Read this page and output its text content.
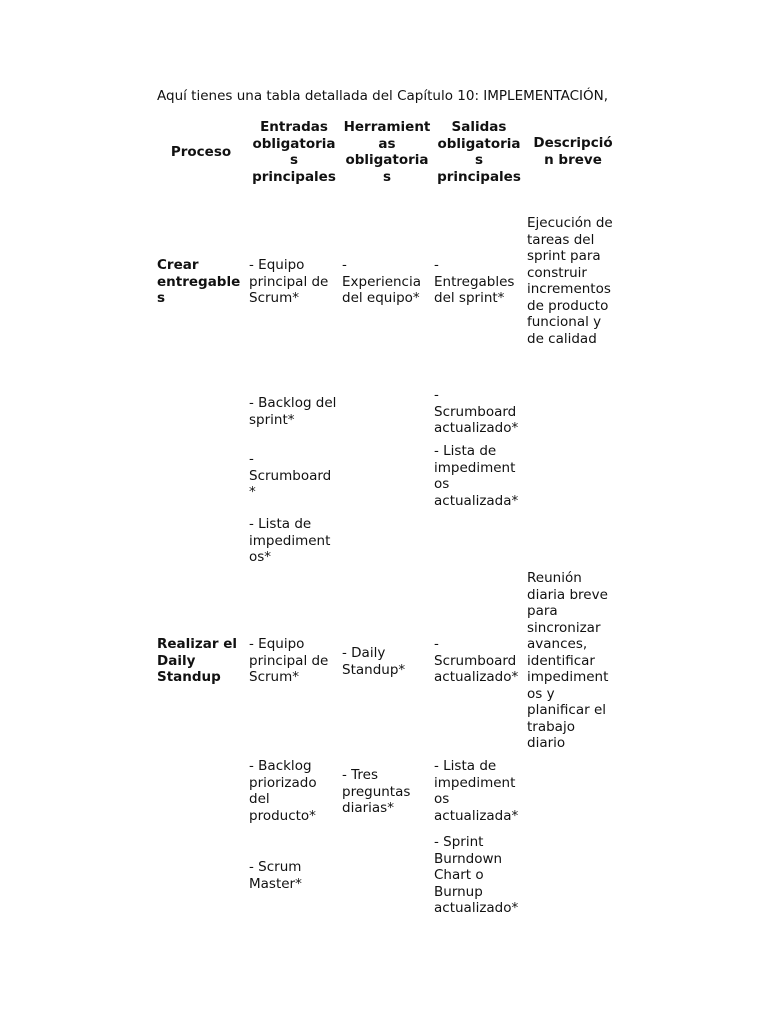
Aquí tienes una tabla detallada del Capítulo 10: IMPLEMENTACIÓN,
Proceso
Entradas
obligatoria
s
principales
Herramient
as
obligatoria
s
Salidas
obligatoria
s
principales
Descripció
n breve
Crear
entregable
s
- Equipo
principal de
Scrum*
- Backlog del
sprint*
-
Scrumboard
*
- Lista de
impediment
os*
-
Experiencia
del equipo*
-
Entregables
del sprint*
-
Scrumboard
actualizado*
- Lista de
impediment
os
actualizada*
Ejecución de
tareas del
sprint para
construir
incrementos
de producto
funcional y
de calidad
Realizar el
Daily
Standup
- Equipo
principal de
Scrum*
- Backlog
priorizado
del
producto*
- Scrum
Master*
- Daily
Standup*
- Tres
preguntas
diarias*
-
Scrumboard
actualizado*
- Lista de
impediment
os
actualizada*
- Sprint
Burndown
Chart o
Burnup
actualizado*
Reunión
diaria breve
para
sincronizar
avances,
identificar
impediment
os y
planificar el
trabajo
diario
